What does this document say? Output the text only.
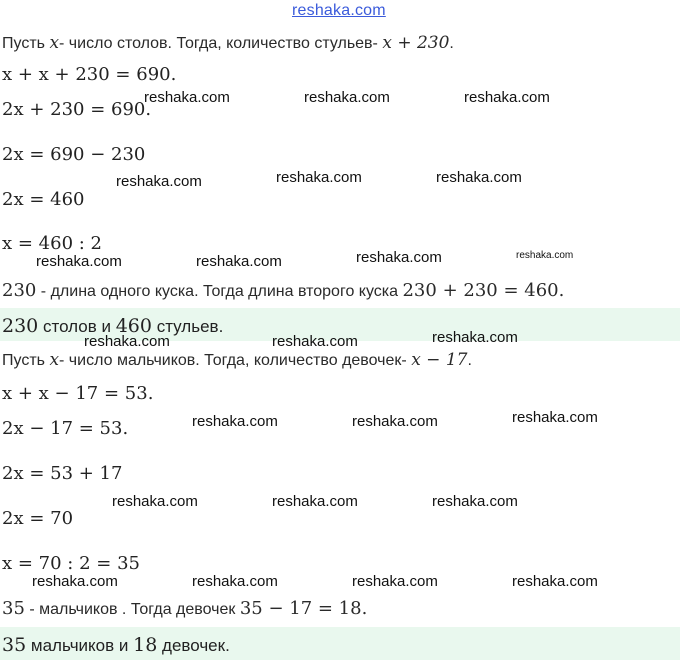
reshaka.com
Пусть x- число столов. Тогда, количество стульев- x + 230.
x + x + 230 = 690.
2x + 230 = 690.
2x = 690 − 230
2x = 460
x = 460 : 2
230 - длина одного куска. Тогда длина второго куска 230 + 230 = 460.
230 столов и 460 стульев.
Пусть x- число мальчиков. Тогда, количество девочек- x − 17.
x + x − 17 = 53.
2x − 17 = 53.
2x = 53 + 17
2x = 70
x = 70 : 2 = 35
35 - мальчиков . Тогда девочек 35 − 17 = 18.
35 мальчиков и 18 девочек.
reshaka.com	reshaka.com	reshaka.com
reshaka.com	reshaka.com	reshaka.com
reshaka.com	reshaka.com	reshaka.com	reshaka.com
reshaka.com	reshaka.com	reshaka.com
reshaka.com	reshaka.com	reshaka.com
reshaka.com	reshaka.com	reshaka.com
reshaka.com	reshaka.com	reshaka.com	reshaka.com
